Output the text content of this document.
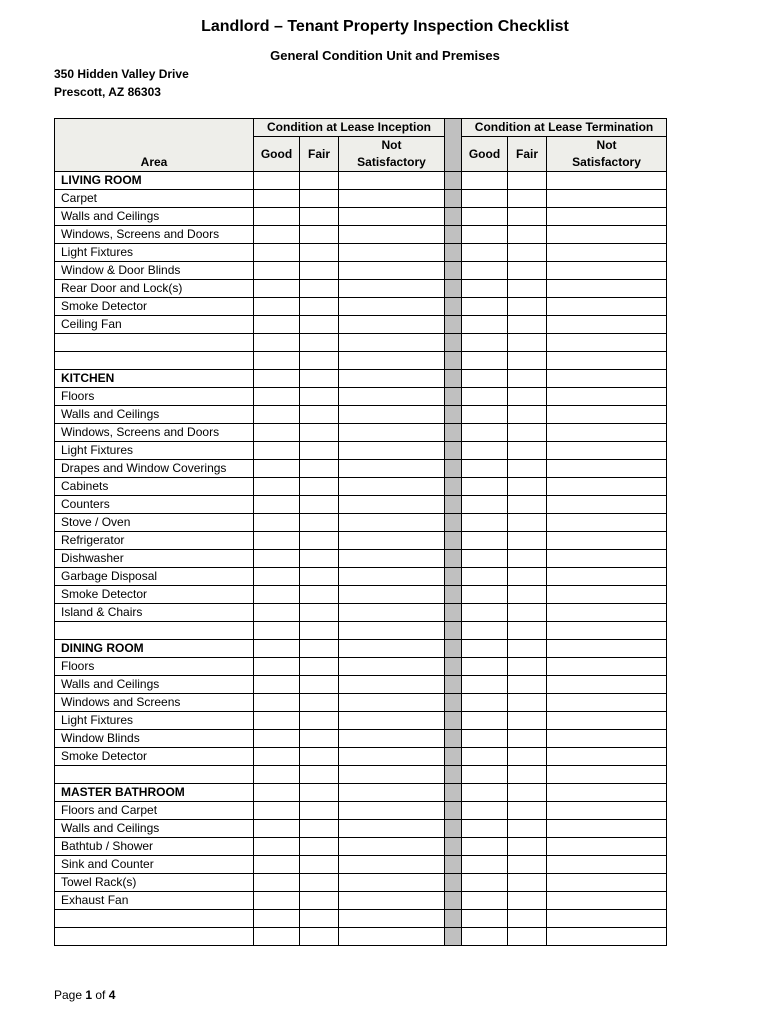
Landlord – Tenant Property Inspection Checklist
General Condition Unit and Premises
350 Hidden Valley Drive
Prescott, AZ 86303
Area	Condition at Lease Inception				Condition at Lease Termination		
	Good	Fair	Not		Good	Fair	Not
			Satisfactory				Satisfactory
LIVING ROOM							
Carpet							
Walls and Ceilings							
Windows, Screens and Doors							
Light Fixtures							
Window & Door Blinds							
Rear Door and Lock(s)							
Smoke Detector							
Ceiling Fan							

KITCHEN							
Floors							
Walls and Ceilings							
Windows, Screens and Doors							
Light Fixtures							
Drapes and Window Coverings							
Cabinets							
Counters							
Stove / Oven							
Refrigerator							
Dishwasher							
Garbage Disposal							
Smoke Detector							
Island & Chairs							

DINING ROOM							
Floors							
Walls and Ceilings							
Windows and Screens							
Light Fixtures							
Window Blinds							
Smoke Detector							

MASTER BATHROOM							
Floors and Carpet							
Walls and Ceilings							
Bathtub / Shower							
Sink and Counter							
Towel Rack(s)							
Exhaust Fan							

Page 1 of 4
